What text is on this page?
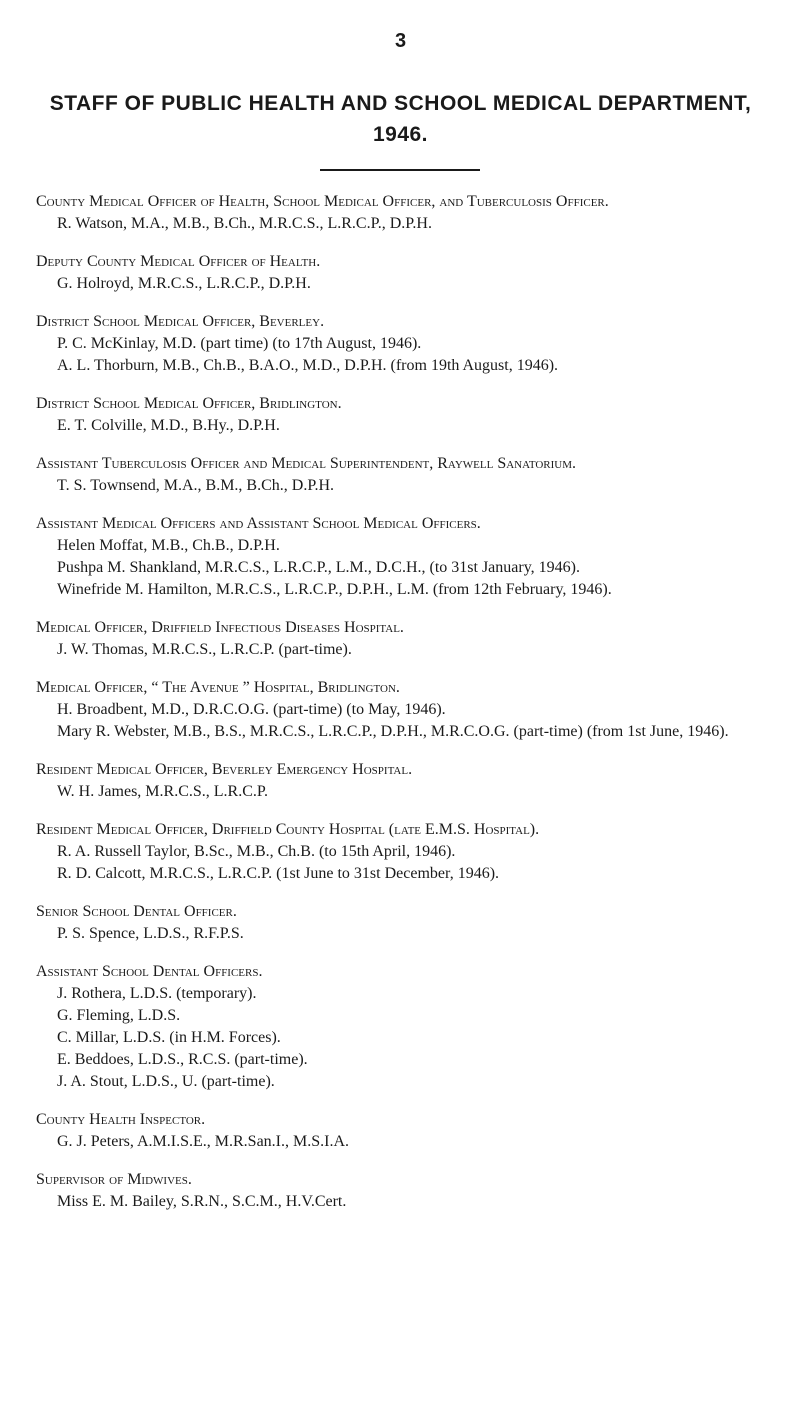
3
STAFF OF PUBLIC HEALTH AND SCHOOL MEDICAL DEPARTMENT, 1946.
County Medical Officer of Health, School Medical Officer, and Tuberculosis Officer.
R. Watson, M.A., M.B., B.Ch., M.R.C.S., L.R.C.P., D.P.H.
Deputy County Medical Officer of Health.
G. Holroyd, M.R.C.S., L.R.C.P., D.P.H.
District School Medical Officer, Beverley.
P. C. McKinlay, M.D. (part time) (to 17th August, 1946).
A. L. Thorburn, M.B., Ch.B., B.A.O., M.D., D.P.H. (from 19th August, 1946).
District School Medical Officer, Bridlington.
E. T. Colville, M.D., B.Hy., D.P.H.
Assistant Tuberculosis Officer and Medical Superintendent, Raywell Sanatorium.
T. S. Townsend, M.A., B.M., B.Ch., D.P.H.
Assistant Medical Officers and Assistant School Medical Officers.
Helen Moffat, M.B., Ch.B., D.P.H.
Pushpa M. Shankland, M.R.C.S., L.R.C.P., L.M., D.C.H., (to 31st January, 1946).
Winefride M. Hamilton, M.R.C.S., L.R.C.P., D.P.H., L.M. (from 12th February, 1946).
Medical Officer, Driffield Infectious Diseases Hospital.
J. W. Thomas, M.R.C.S., L.R.C.P. (part-time).
Medical Officer, “ The Avenue ” Hospital, Bridlington.
H. Broadbent, M.D., D.R.C.O.G. (part-time) (to May, 1946).
Mary R. Webster, M.B., B.S., M.R.C.S., L.R.C.P., D.P.H., M.R.C.O.G. (part-time) (from 1st June, 1946).
Resident Medical Officer, Beverley Emergency Hospital.
W. H. James, M.R.C.S., L.R.C.P.
Resident Medical Officer, Driffield County Hospital (late E.M.S. Hospital).
R. A. Russell Taylor, B.Sc., M.B., Ch.B. (to 15th April, 1946).
R. D. Calcott, M.R.C.S., L.R.C.P. (1st June to 31st December, 1946).
Senior School Dental Officer.
P. S. Spence, L.D.S., R.F.P.S.
Assistant School Dental Officers.
J. Rothera, L.D.S. (temporary).
G. Fleming, L.D.S.
C. Millar, L.D.S. (in H.M. Forces).
E. Beddoes, L.D.S., R.C.S. (part-time).
J. A. Stout, L.D.S., U. (part-time).
County Health Inspector.
G. J. Peters, A.M.I.S.E., M.R.San.I., M.S.I.A.
Supervisor of Midwives.
Miss E. M. Bailey, S.R.N., S.C.M., H.V.Cert.
